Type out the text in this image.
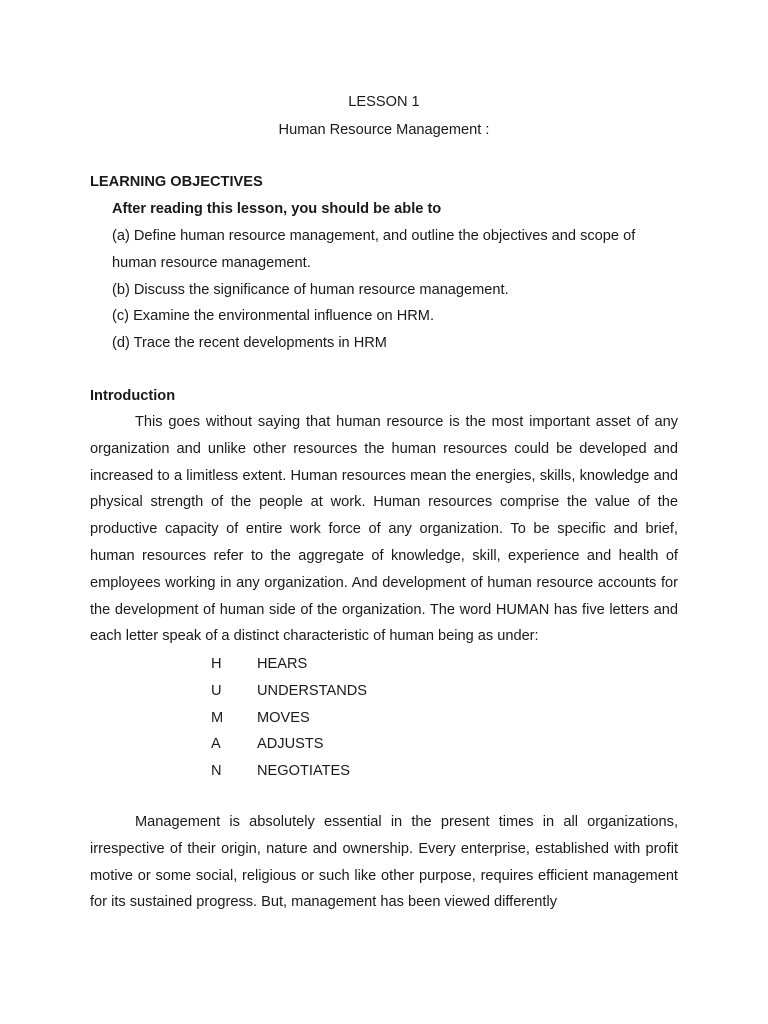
LESSON 1
Human Resource Management :
LEARNING OBJECTIVES
After reading this lesson, you should be able to
(a) Define human resource management, and outline the objectives and scope of
human resource management.
(b) Discuss the significance of human resource management.
(c) Examine the environmental influence on HRM.
(d) Trace the recent developments in HRM
Introduction

This goes without saying that human resource is the most important asset of any organization and unlike other resources the human resources could be developed and increased to a limitless extent. Human resources mean the energies, skills, knowledge and physical strength of the people at work. Human resources comprise the value of the productive capacity of entire work force of any organization. To be specific and brief, human resources refer to the aggregate of knowledge, skill, experience and health of employees working in any organization. And development of human resource accounts for the development of human side of the organization. The word HUMAN has five letters and each letter speak of a distinct characteristic of human being as under:

H HEARS
U UNDERSTANDS
M MOVES
A ADJUSTS
N NEGOTIATES

Management is absolutely essential in the present times in all organizations, irrespective of their origin, nature and ownership. Every enterprise, established with profit motive or some social, religious or such like other purpose, requires efficient management for its sustained progress. But, management has been viewed differently
